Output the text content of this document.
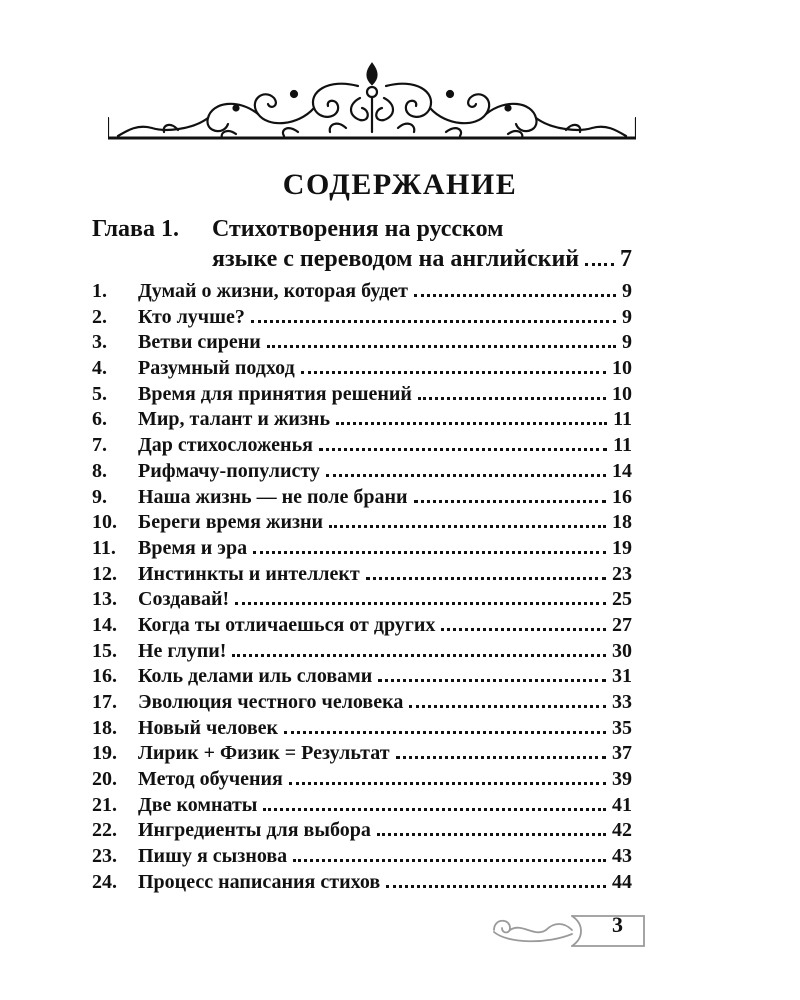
СОДЕРЖАНИЕ
Глава 1.	Стихотворения на русском
языке с переводом на английский 7
1.	Думай о жизни, которая будет	9
2.	Кто лучше?	9
3.	Ветви сирени	9
4.	Разумный подход	10
5.	Время для принятия решений	10
6.	Мир, талант и жизнь	11
7.	Дар стихосложенья	11
8.	Рифмачу-популисту	14
9.	Наша жизнь — не поле брани	16
10.	Береги время жизни	18
11.	Время и эра	19
12.	Инстинкты и интеллект	23
13.	Создавай!	25
14.	Когда ты отличаешься от других	27
15.	Не глупи!	30
16.	Коль делами иль словами	31
17.	Эволюция честного человека	33
18.	Новый человек	35
19.	Лирик + Физик = Результат	37
20.	Метод обучения	39
21.	Две комнаты	41
22.	Ингредиенты для выбора	42
23.	Пишу я сызнова	43
24.	Процесс написания стихов	44
3
